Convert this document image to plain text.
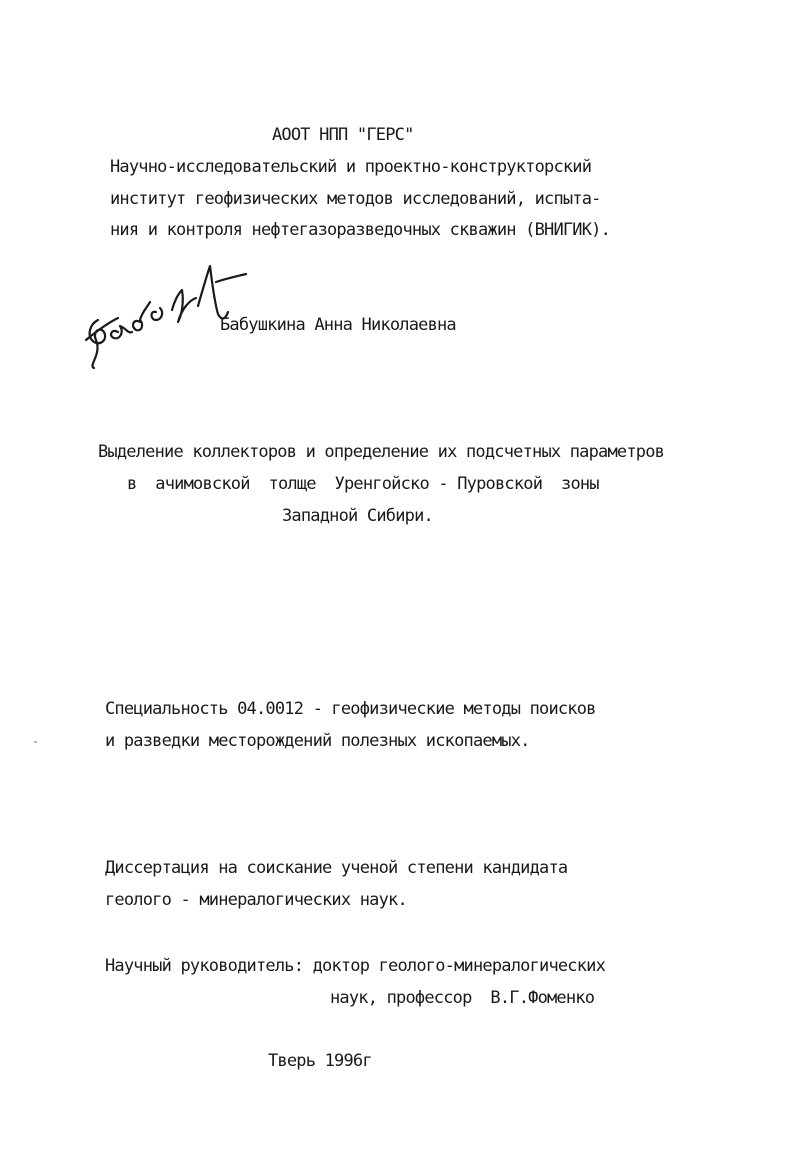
АООТ НПП "ГЕРС"
Научно-исследовательский и проектно-конструкторский
институт геофизических методов исследований, испыта-
ния и контроля нефтегазоразведочных скважин (ВНИГИК).
Бабушкина Анна Николаевна
Выделение коллекторов и определение их подсчетных параметров
в  ачимовской  толще  Уренгойско - Пуровской  зоны
Западной Сибири.
Специальность 04.0012 - геофизические методы поисков
и разведки месторождений полезных ископаемых.
Диссертация на соискание ученой степени кандидата
геолого - минералогических наук.
Научный руководитель: доктор геолого-минералогических
наук, профессор  В.Г.Фоменко
Тверь 1996г
